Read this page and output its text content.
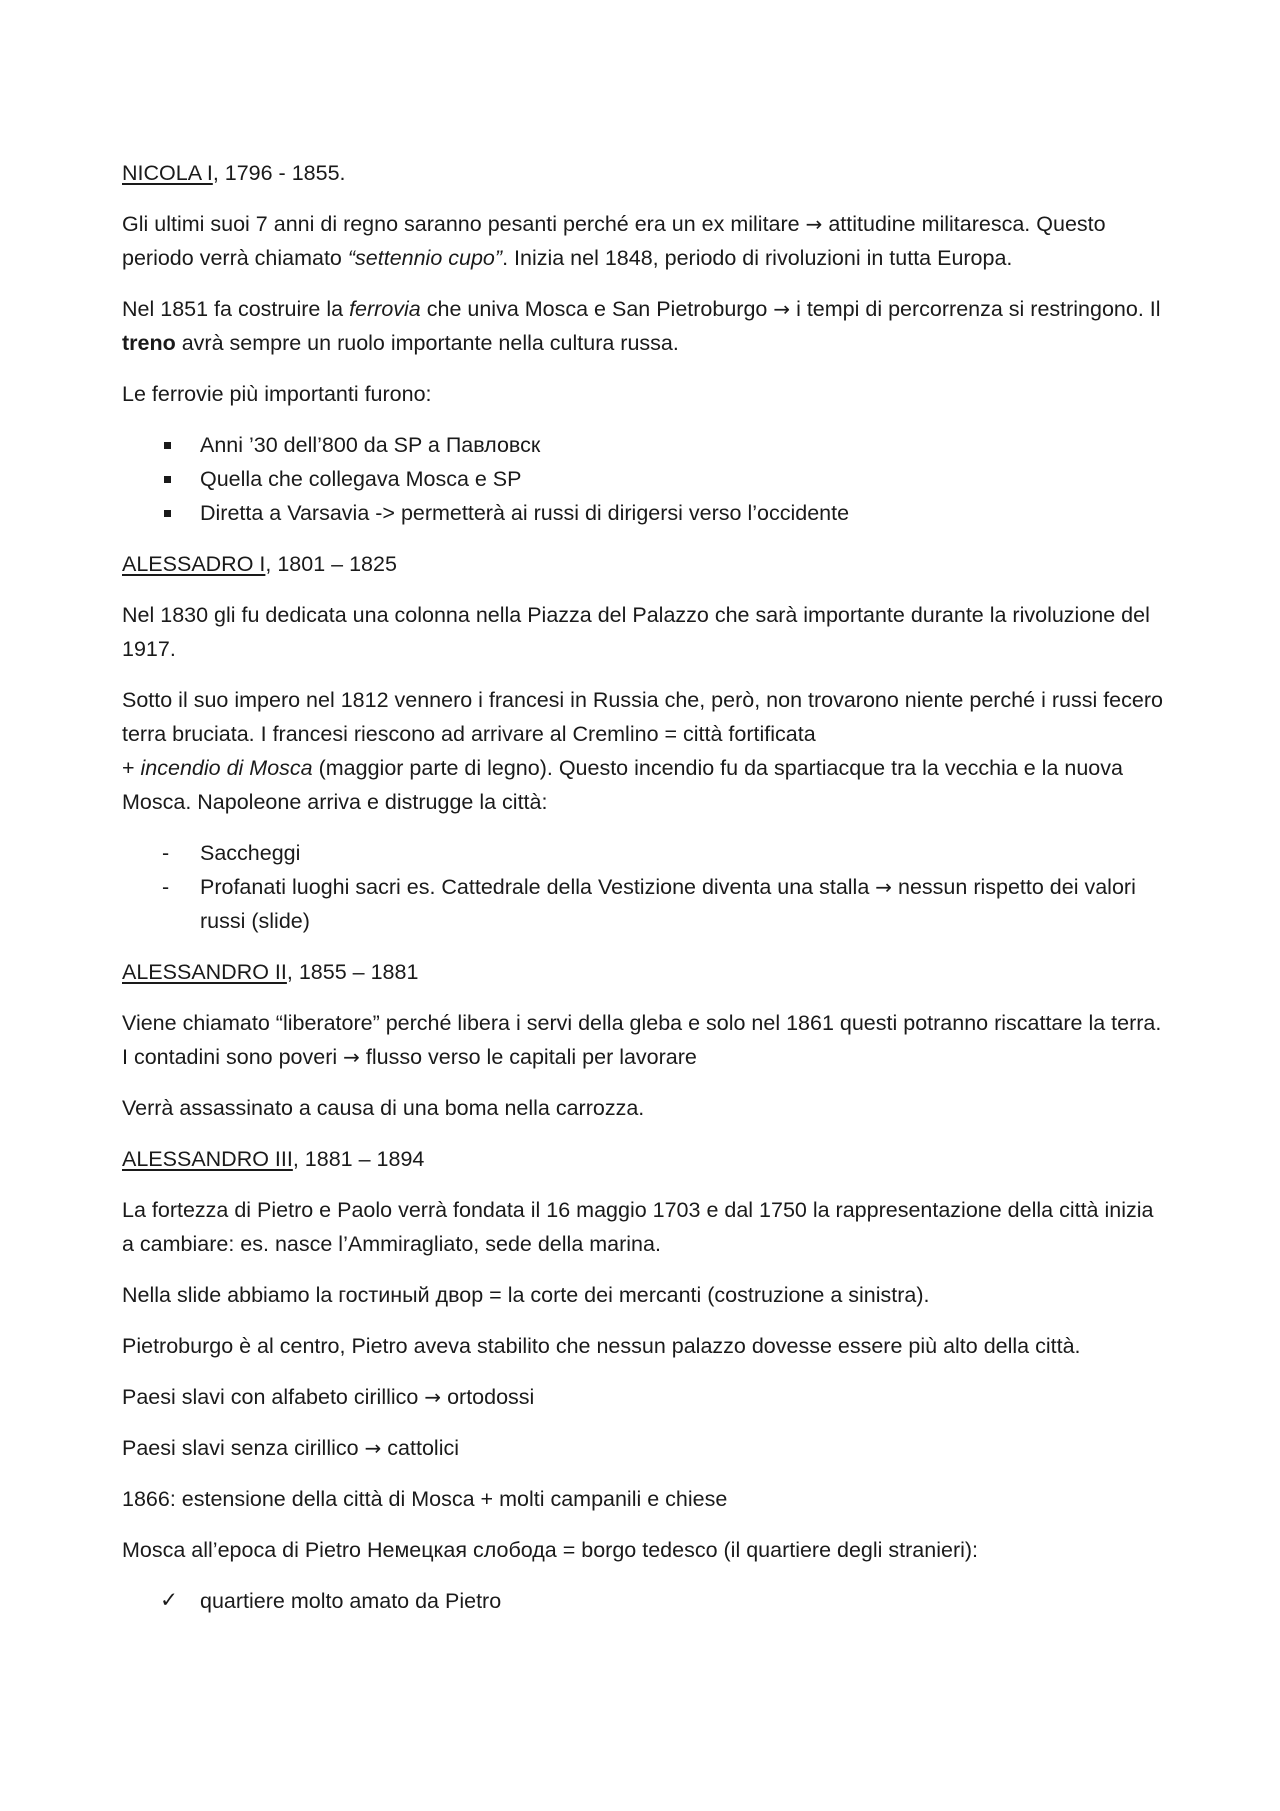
NICOLA I, 1796 - 1855.

Gli ultimi suoi 7 anni di regno saranno pesanti perché era un ex militare → attitudine militaresca. Questo periodo verrà chiamato “settennio cupo”. Inizia nel 1848, periodo di rivoluzioni in tutta Europa.

Nel 1851 fa costruire la ferrovia che univa Mosca e San Pietroburgo → i tempi di percorrenza si restringono. Il treno avrà sempre un ruolo importante nella cultura russa.

Le ferrovie più importanti furono:

Anni ’30 dell’800 da SP a Павловск
Quella che collegava Mosca e SP
Diretta a Varsavia -> permetterà ai russi di dirigersi verso l’occidente

ALESSADRO I, 1801 – 1825

Nel 1830 gli fu dedicata una colonna nella Piazza del Palazzo che sarà importante durante la rivoluzione del 1917.

Sotto il suo impero nel 1812 vennero i francesi in Russia che, però, non trovarono niente perché i russi fecero terra bruciata. I francesi riescono ad arrivare al Cremlino = città fortificata
+ incendio di Mosca (maggior parte di legno). Questo incendio fu da spartiacque tra la vecchia e la nuova Mosca. Napoleone arriva e distrugge la città:

- Saccheggi
- Profanati luoghi sacri es. Cattedrale della Vestizione diventa una stalla → nessun rispetto dei valori russi (slide)

ALESSANDRO II, 1855 – 1881

Viene chiamato “liberatore” perché libera i servi della gleba e solo nel 1861 questi potranno riscattare la terra. I contadini sono poveri → flusso verso le capitali per lavorare

Verrà assassinato a causa di una boma nella carrozza.

ALESSANDRO III, 1881 – 1894

La fortezza di Pietro e Paolo verrà fondata il 16 maggio 1703 e dal 1750 la rappresentazione della città inizia a cambiare: es. nasce l’Ammiragliato, sede della marina.

Nella slide abbiamo la гостиный двор = la corte dei mercanti (costruzione a sinistra).

Pietroburgo è al centro, Pietro aveva stabilito che nessun palazzo dovesse essere più alto della città.

Paesi slavi con alfabeto cirillico → ortodossi

Paesi slavi senza cirillico → cattolici

1866: estensione della città di Mosca + molti campanili e chiese

Mosca all’epoca di Pietro Немецкая слобода = borgo tedesco (il quartiere degli stranieri):

✓ quartiere molto amato da Pietro
